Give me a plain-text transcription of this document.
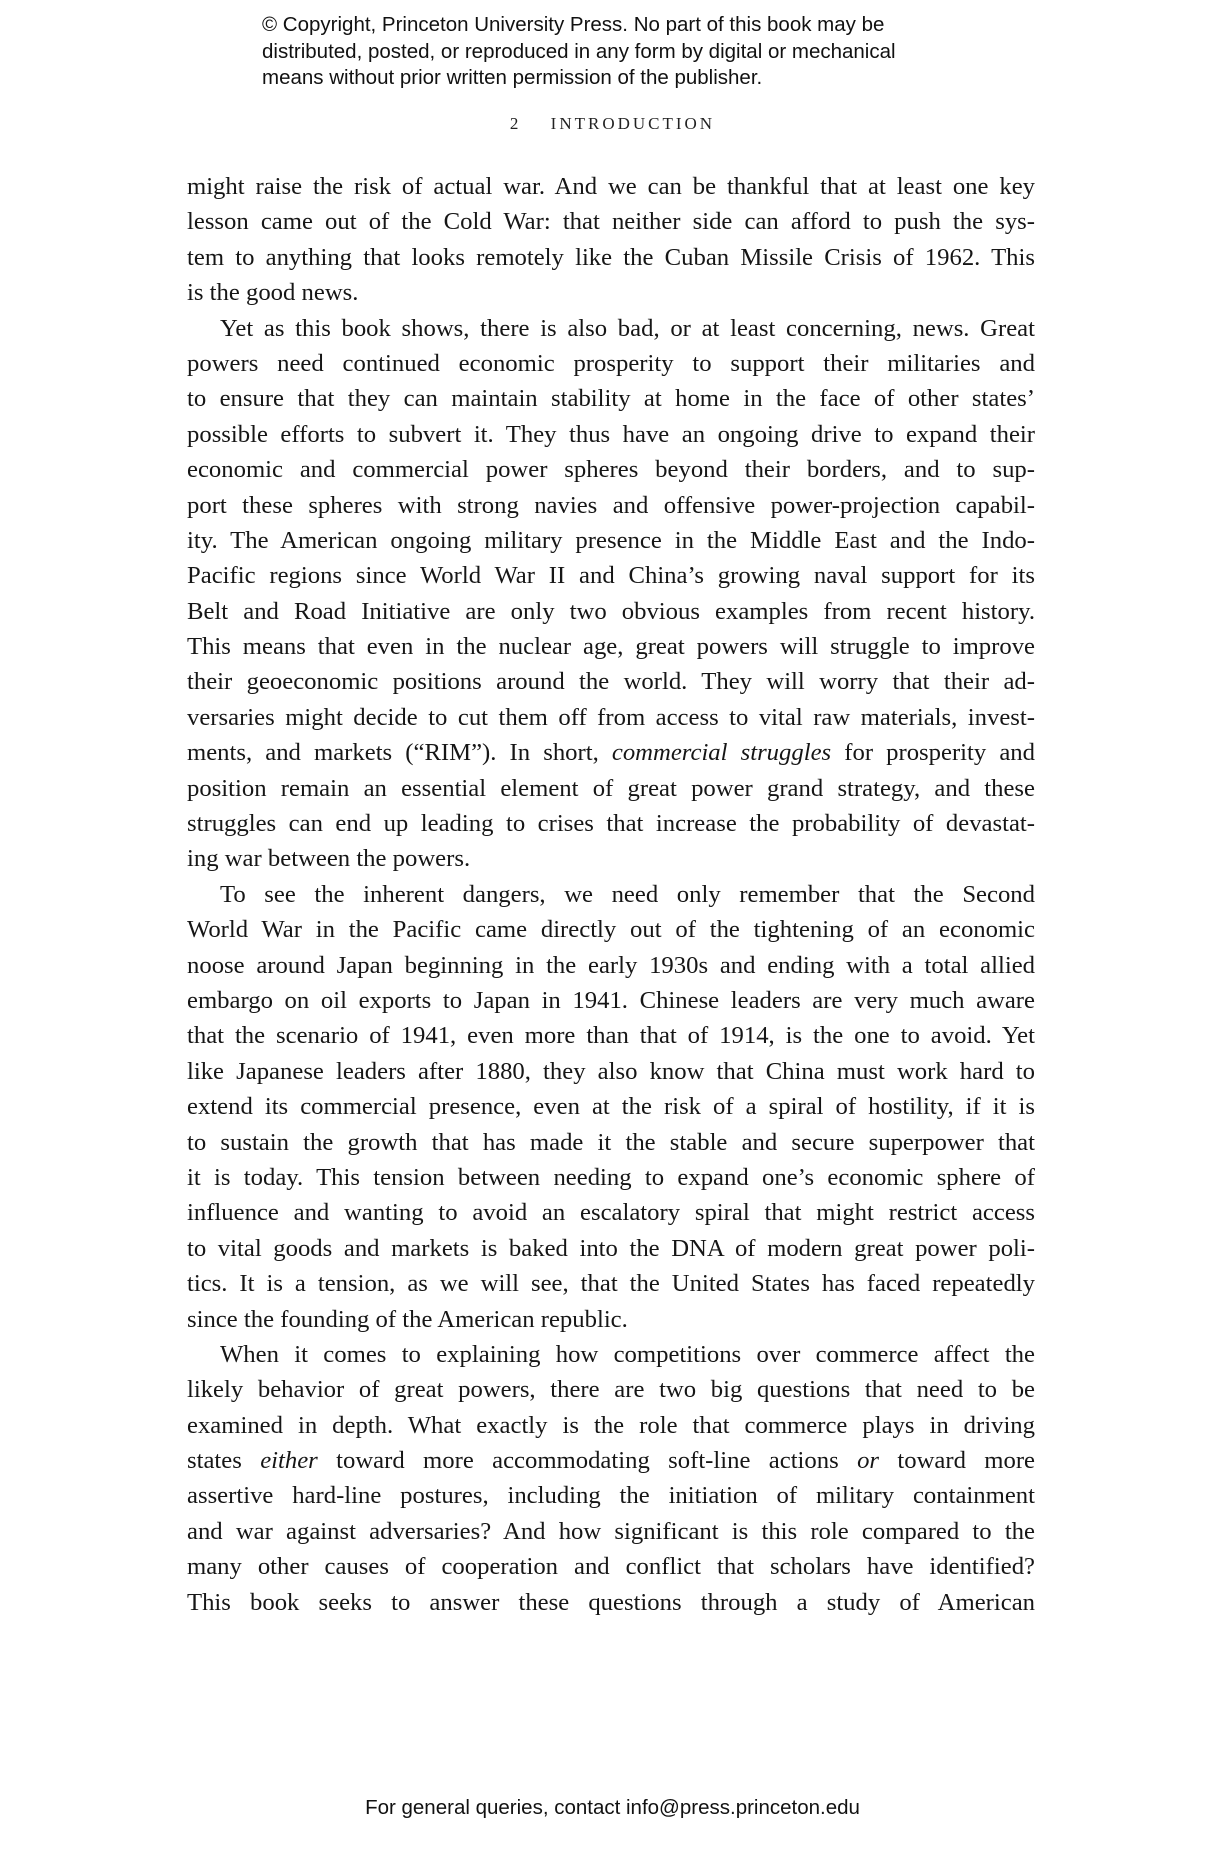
© Copyright, Princeton University Press. No part of this book may be
distributed, posted, or reproduced in any form by digital or mechanical
means without prior written permission of the publisher.
2 INTRODUCTION
might raise the risk of actual war. And we can be thankful that at least one key
lesson came out of the Cold War: that neither side can afford to push the sys-
tem to anything that looks remotely like the Cuban Missile Crisis of 1962. This
is the good news.
Yet as this book shows, there is also bad, or at least concerning, news. Great
powers need continued economic prosperity to support their militaries and
to ensure that they can maintain stability at home in the face of other states’
possible efforts to subvert it. They thus have an ongoing drive to expand their
economic and commercial power spheres beyond their borders, and to sup-
port these spheres with strong navies and offensive power-projection capabil-
ity. The American ongoing military presence in the Middle East and the Indo-
Pacific regions since World War II and China’s growing naval support for its
Belt and Road Initiative are only two obvious examples from recent history.
This means that even in the nuclear age, great powers will struggle to improve
their geoeconomic positions around the world. They will worry that their ad-
versaries might decide to cut them off from access to vital raw materials, invest-
ments, and markets (“RIM”). In short, commercial struggles for prosperity and
position remain an essential element of great power grand strategy, and these
struggles can end up leading to crises that increase the probability of devastat-
ing war between the powers.
To see the inherent dangers, we need only remember that the Second
World War in the Pacific came directly out of the tightening of an economic
noose around Japan beginning in the early 1930s and ending with a total allied
embargo on oil exports to Japan in 1941. Chinese leaders are very much aware
that the scenario of 1941, even more than that of 1914, is the one to avoid. Yet
like Japanese leaders after 1880, they also know that China must work hard to
extend its commercial presence, even at the risk of a spiral of hostility, if it is
to sustain the growth that has made it the stable and secure superpower that
it is today. This tension between needing to expand one’s economic sphere of
influence and wanting to avoid an escalatory spiral that might restrict access
to vital goods and markets is baked into the DNA of modern great power poli-
tics. It is a tension, as we will see, that the United States has faced repeatedly
since the founding of the American republic.
When it comes to explaining how competitions over commerce affect the
likely behavior of great powers, there are two big questions that need to be
examined in depth. What exactly is the role that commerce plays in driving
states either toward more accommodating soft-line actions or toward more
assertive hard-line postures, including the initiation of military containment
and war against adversaries? And how significant is this role compared to the
many other causes of cooperation and conflict that scholars have identified?
This book seeks to answer these questions through a study of American
For general queries, contact info@press.princeton.edu
